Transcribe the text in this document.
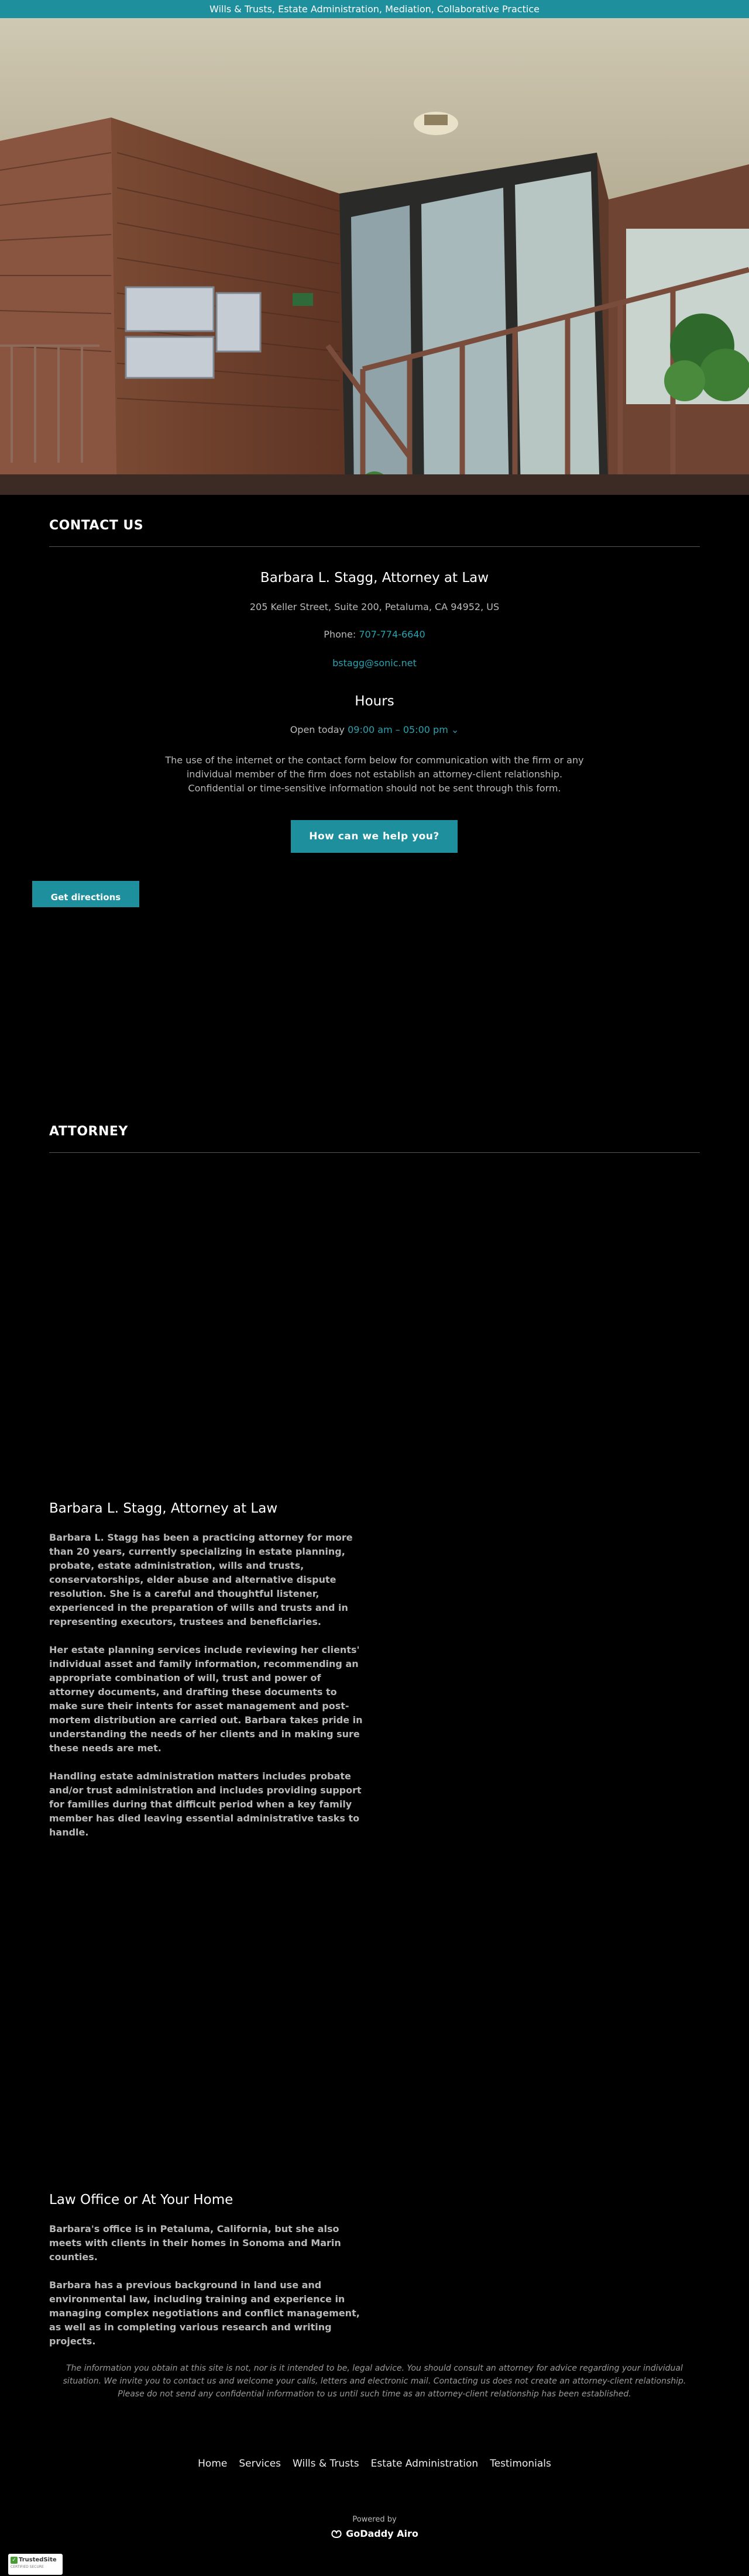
Wills & Trusts, Estate Administration, Mediation, Collaborative Practice
CONTACT US
Barbara L. Stagg, Attorney at Law
205 Keller Street, Suite 200, Petaluma, CA 94952, US
Phone: 707-774-6640
bstagg@sonic.net
Hours
Open today 09:00 am – 05:00 pm ⌄
The use of the internet or the contact form below for communication with the firm or any individual member of the firm does not establish an attorney-client relationship. Confidential or time-sensitive information should not be sent through this form.
How can we help you?
Get directions
ATTORNEY
Barbara L. Stagg, Attorney at Law
Barbara L. Stagg has been a practicing attorney for more than 20 years, currently specializing in estate planning, probate, estate administration, wills and trusts, conservatorships, elder abuse and alternative dispute resolution. She is a careful and thoughtful listener, experienced in the preparation of wills and trusts and in representing executors, trustees and beneficiaries.
Her estate planning services include reviewing her clients' individual asset and family information, recommending an appropriate combination of will, trust and power of attorney documents, and drafting these documents to make sure their intents for asset management and post-mortem distribution are carried out. Barbara takes pride in understanding the needs of her clients and in making sure these needs are met.
Handling estate administration matters includes probate and/or trust administration and includes providing support for families during that difficult period when a key family member has died leaving essential administrative tasks to handle.
Law Office or At Your Home
Barbara's office is in Petaluma, California, but she also meets with clients in their homes in Sonoma and Marin counties.
Barbara has a previous background in land use and environmental law, including training and experience in managing complex negotiations and conflict management, as well as in completing various research and writing projects.
The information you obtain at this site is not, nor is it intended to be, legal advice. You should consult an attorney for advice regarding your individual situation. We invite you to contact us and welcome your calls, letters and electronic mail. Contacting us does not create an attorney-client relationship. Please do not send any confidential information to us until such time as an attorney-client relationship has been established.
Home Services Wills & Trusts Estate Administration Testimonials
Powered by
GoDaddy Airo
✓ TrustedSite
CERTIFIED SECURE
